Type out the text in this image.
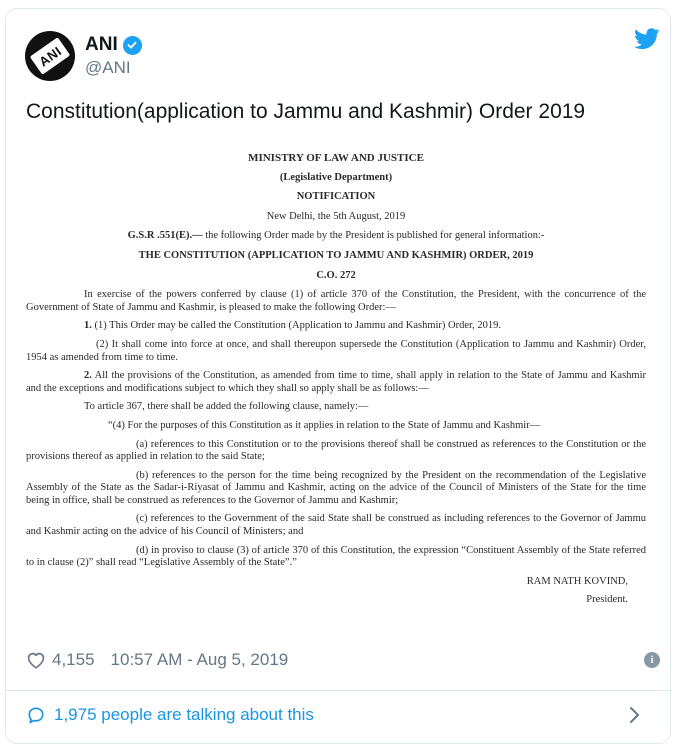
ANI ANI
@ANI
Constitution(application to Jammu and Kashmir) Order 2019

MINISTRY OF LAW AND JUSTICE

(Legislative Department)

NOTIFICATION

New Delhi, the 5th August, 2019

G.S.R .551(E).— the following Order made by the President is published for general information:-

THE CONSTITUTION (APPLICATION TO JAMMU AND KASHMIR) ORDER, 2019

C.O. 272

In exercise of the powers conferred by clause (1) of article 370 of the Constitution, the President, with the concurrence of the Government of State of Jammu and Kashmir, is pleased to make the following Order:—

1. (1) This Order may be called the Constitution (Application to Jammu and Kashmir) Order, 2019.

(2) It shall come into force at once, and shall thereupon supersede the Constitution (Application to Jammu and Kashmir) Order, 1954 as amended from time to time.

2. All the provisions of the Constitution, as amended from time to time, shall apply in relation to the State of Jammu and Kashmir and the exceptions and modifications subject to which they shall so apply shall be as follows:—

To article 367, there shall be added the following clause, namely:—

“(4) For the purposes of this Constitution as it applies in relation to the State of Jammu and Kashmir—

(a) references to this Constitution or to the provisions thereof shall be construed as references to the Constitution or the provisions thereof as applied in relation to the said State;

(b) references to the person for the time being recognized by the President on the recommendation of the Legislative Assembly of the State as the Sadar-i-Riyasat of Jammu and Kashmir, acting on the advice of the Council of Ministers of the State for the time being in office, shall be construed as references to the Governor of Jammu and Kashmir;

(c) references to the Government of the said State shall be construed as including references to the Governor of Jammu and Kashmir acting on the advice of his Council of Ministers; and

(d) in proviso to clause (3) of article 370 of this Constitution, the expression “Constituent Assembly of the State referred to in clause (2)” shall read “Legislative Assembly of the State”.”

RAM NATH KOVIND,

President.

4,155 10:57 AM - Aug 5, 2019	i
1,975 people are talking about this
